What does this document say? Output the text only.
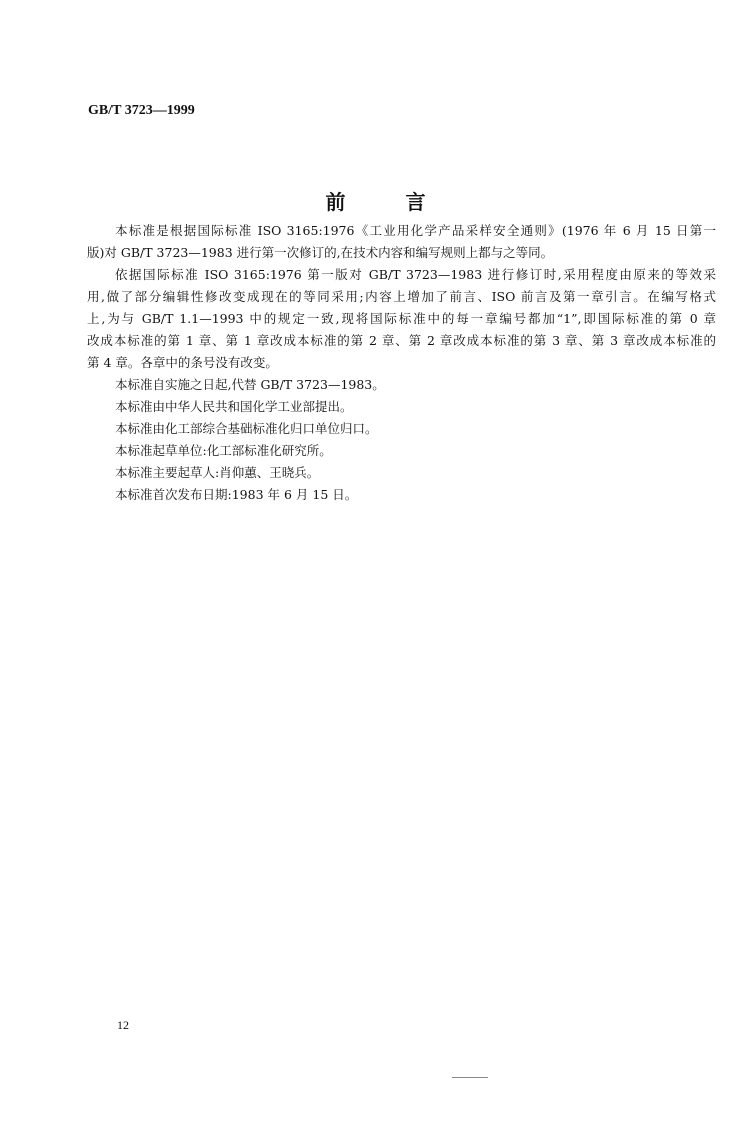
GB/T 3723—1999
前言
本标准是根据国际标准 ISO 3165:1976《工业用化学产品采样安全通则》(1976 年 6 月 15 日第一
版)对 GB/T 3723—1983 进行第一次修订的,在技术内容和编写规则上都与之等同。
依据国际标准 ISO 3165:1976 第一版对 GB/T 3723—1983 进行修订时,采用程度由原来的等效采
用,做了部分编辑性修改变成现在的等同采用;内容上增加了前言、ISO 前言及第一章引言。在编写格式
上,为与 GB/T 1.1—1993 中的规定一致,现将国际标准中的每一章编号都加“1”,即国际标准的第 0 章
改成本标准的第 1 章、第 1 章改成本标准的第 2 章、第 2 章改成本标准的第 3 章、第 3 章改成本标准的
第 4 章。各章中的条号没有改变。
本标准自实施之日起,代替 GB/T 3723—1983。
本标准由中华人民共和国化学工业部提出。
本标准由化工部综合基础标准化归口单位归口。
本标准起草单位:化工部标准化研究所。
本标准主要起草人:肖仰蕙、王晓兵。
本标准首次发布日期:1983 年 6 月 15 日。
12
